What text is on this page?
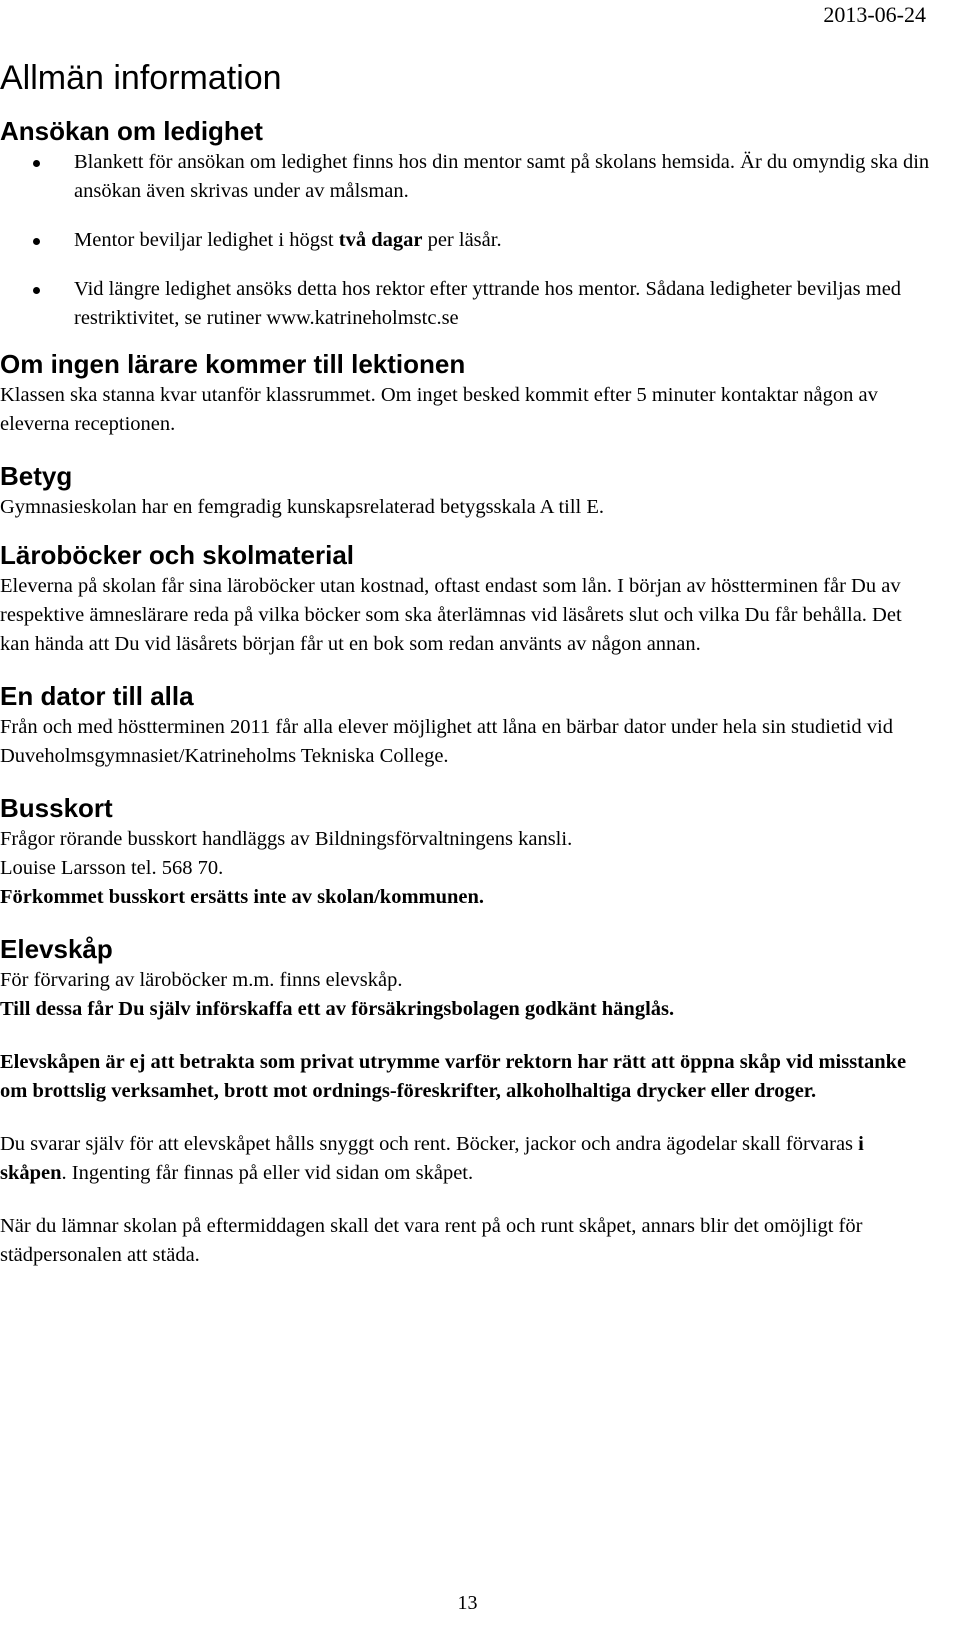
2013-06-24
Allmän information
Ansökan om ledighet
Blankett för ansökan om ledighet finns hos din mentor samt på skolans hemsida. Är du omyndig ska din ansökan även skrivas under av målsman.
Mentor beviljar ledighet i högst två dagar per läsår.
Vid längre ledighet ansöks detta hos rektor efter yttrande hos mentor. Sådana ledigheter beviljas med restriktivitet, se rutiner www.katrineholmstc.se
Om ingen lärare kommer till lektionen

Klassen ska stanna kvar utanför klassrummet. Om inget besked kommit efter 5 minuter kontaktar någon av eleverna receptionen.

Betyg

Gymnasieskolan har en femgradig kunskapsrelaterad betygsskala A till E.

Läroböcker och skolmaterial

Eleverna på skolan får sina läroböcker utan kostnad, oftast endast som lån. I början av höstterminen får Du av respektive ämneslärare reda på vilka böcker som ska återlämnas vid läsårets slut och vilka Du får behålla. Det kan hända att Du vid läsårets början får ut en bok som redan använts av någon annan.

En dator till alla

Från och med höstterminen 2011 får alla elever möjlighet att låna en bärbar dator under hela sin studietid vid Duveholmsgymnasiet/Katrineholms Tekniska College.

Busskort

Frågor rörande busskort handläggs av Bildningsförvaltningens kansli.

Louise Larsson tel. 568 70.

Förkommet busskort ersätts inte av skolan/kommunen.

Elevskåp

För förvaring av läroböcker m.m. finns elevskåp.

Till dessa får Du själv införskaffa ett av försäkringsbolagen godkänt hänglås.

Elevskåpen är ej att betrakta som privat utrymme varför rektorn har rätt att öppna skåp vid misstanke om brottslig verksamhet, brott mot ordnings-föreskrifter, alkoholhaltiga drycker eller droger.

Du svarar själv för att elevskåpet hålls snyggt och rent. Böcker, jackor och andra ägodelar skall förvaras i skåpen. Ingenting får finnas på eller vid sidan om skåpet.

När du lämnar skolan på eftermiddagen skall det vara rent på och runt skåpet, annars blir det omöjligt för städpersonalen att städa.

13
